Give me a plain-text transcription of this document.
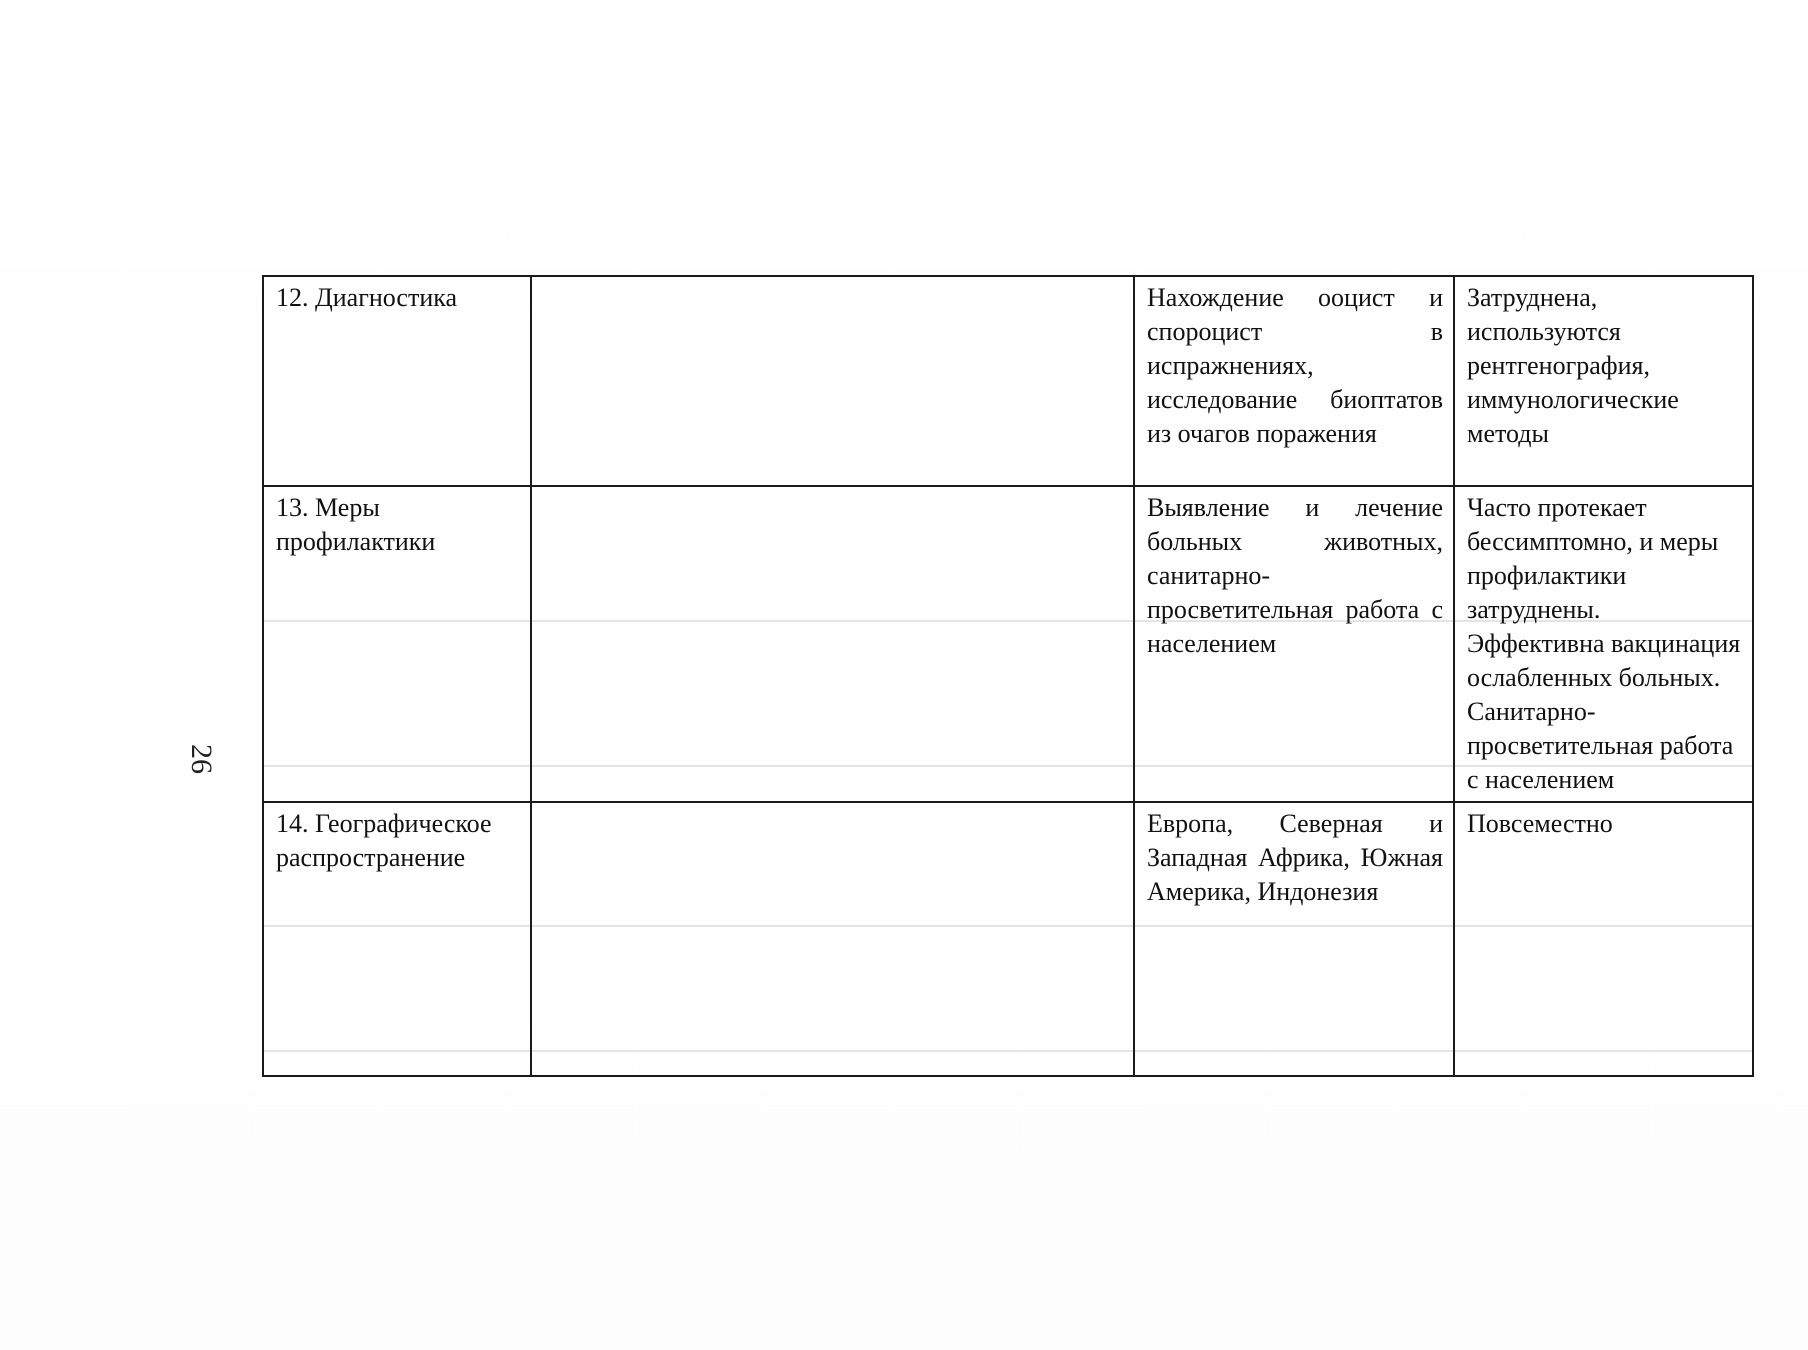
26
12. Диагностика		Нахождение ооцист и спороцист в испражнениях, исследование биоптатов из очагов поражения	Затруднена, используются рентгенография, иммунологические методы
13. Меры профилактики		Выявление и лечение больных животных, санитарно-просветительная работа с населением	Часто протекает бессимптомно, и меры профилактики затруднены. Эффективна вакцинация ослабленных больных. Санитарно-просветительная работа с населением
14. Географическое распространение		Европа, Северная и Западная Африка, Южная Америка, Индонезия	Повсеместно
